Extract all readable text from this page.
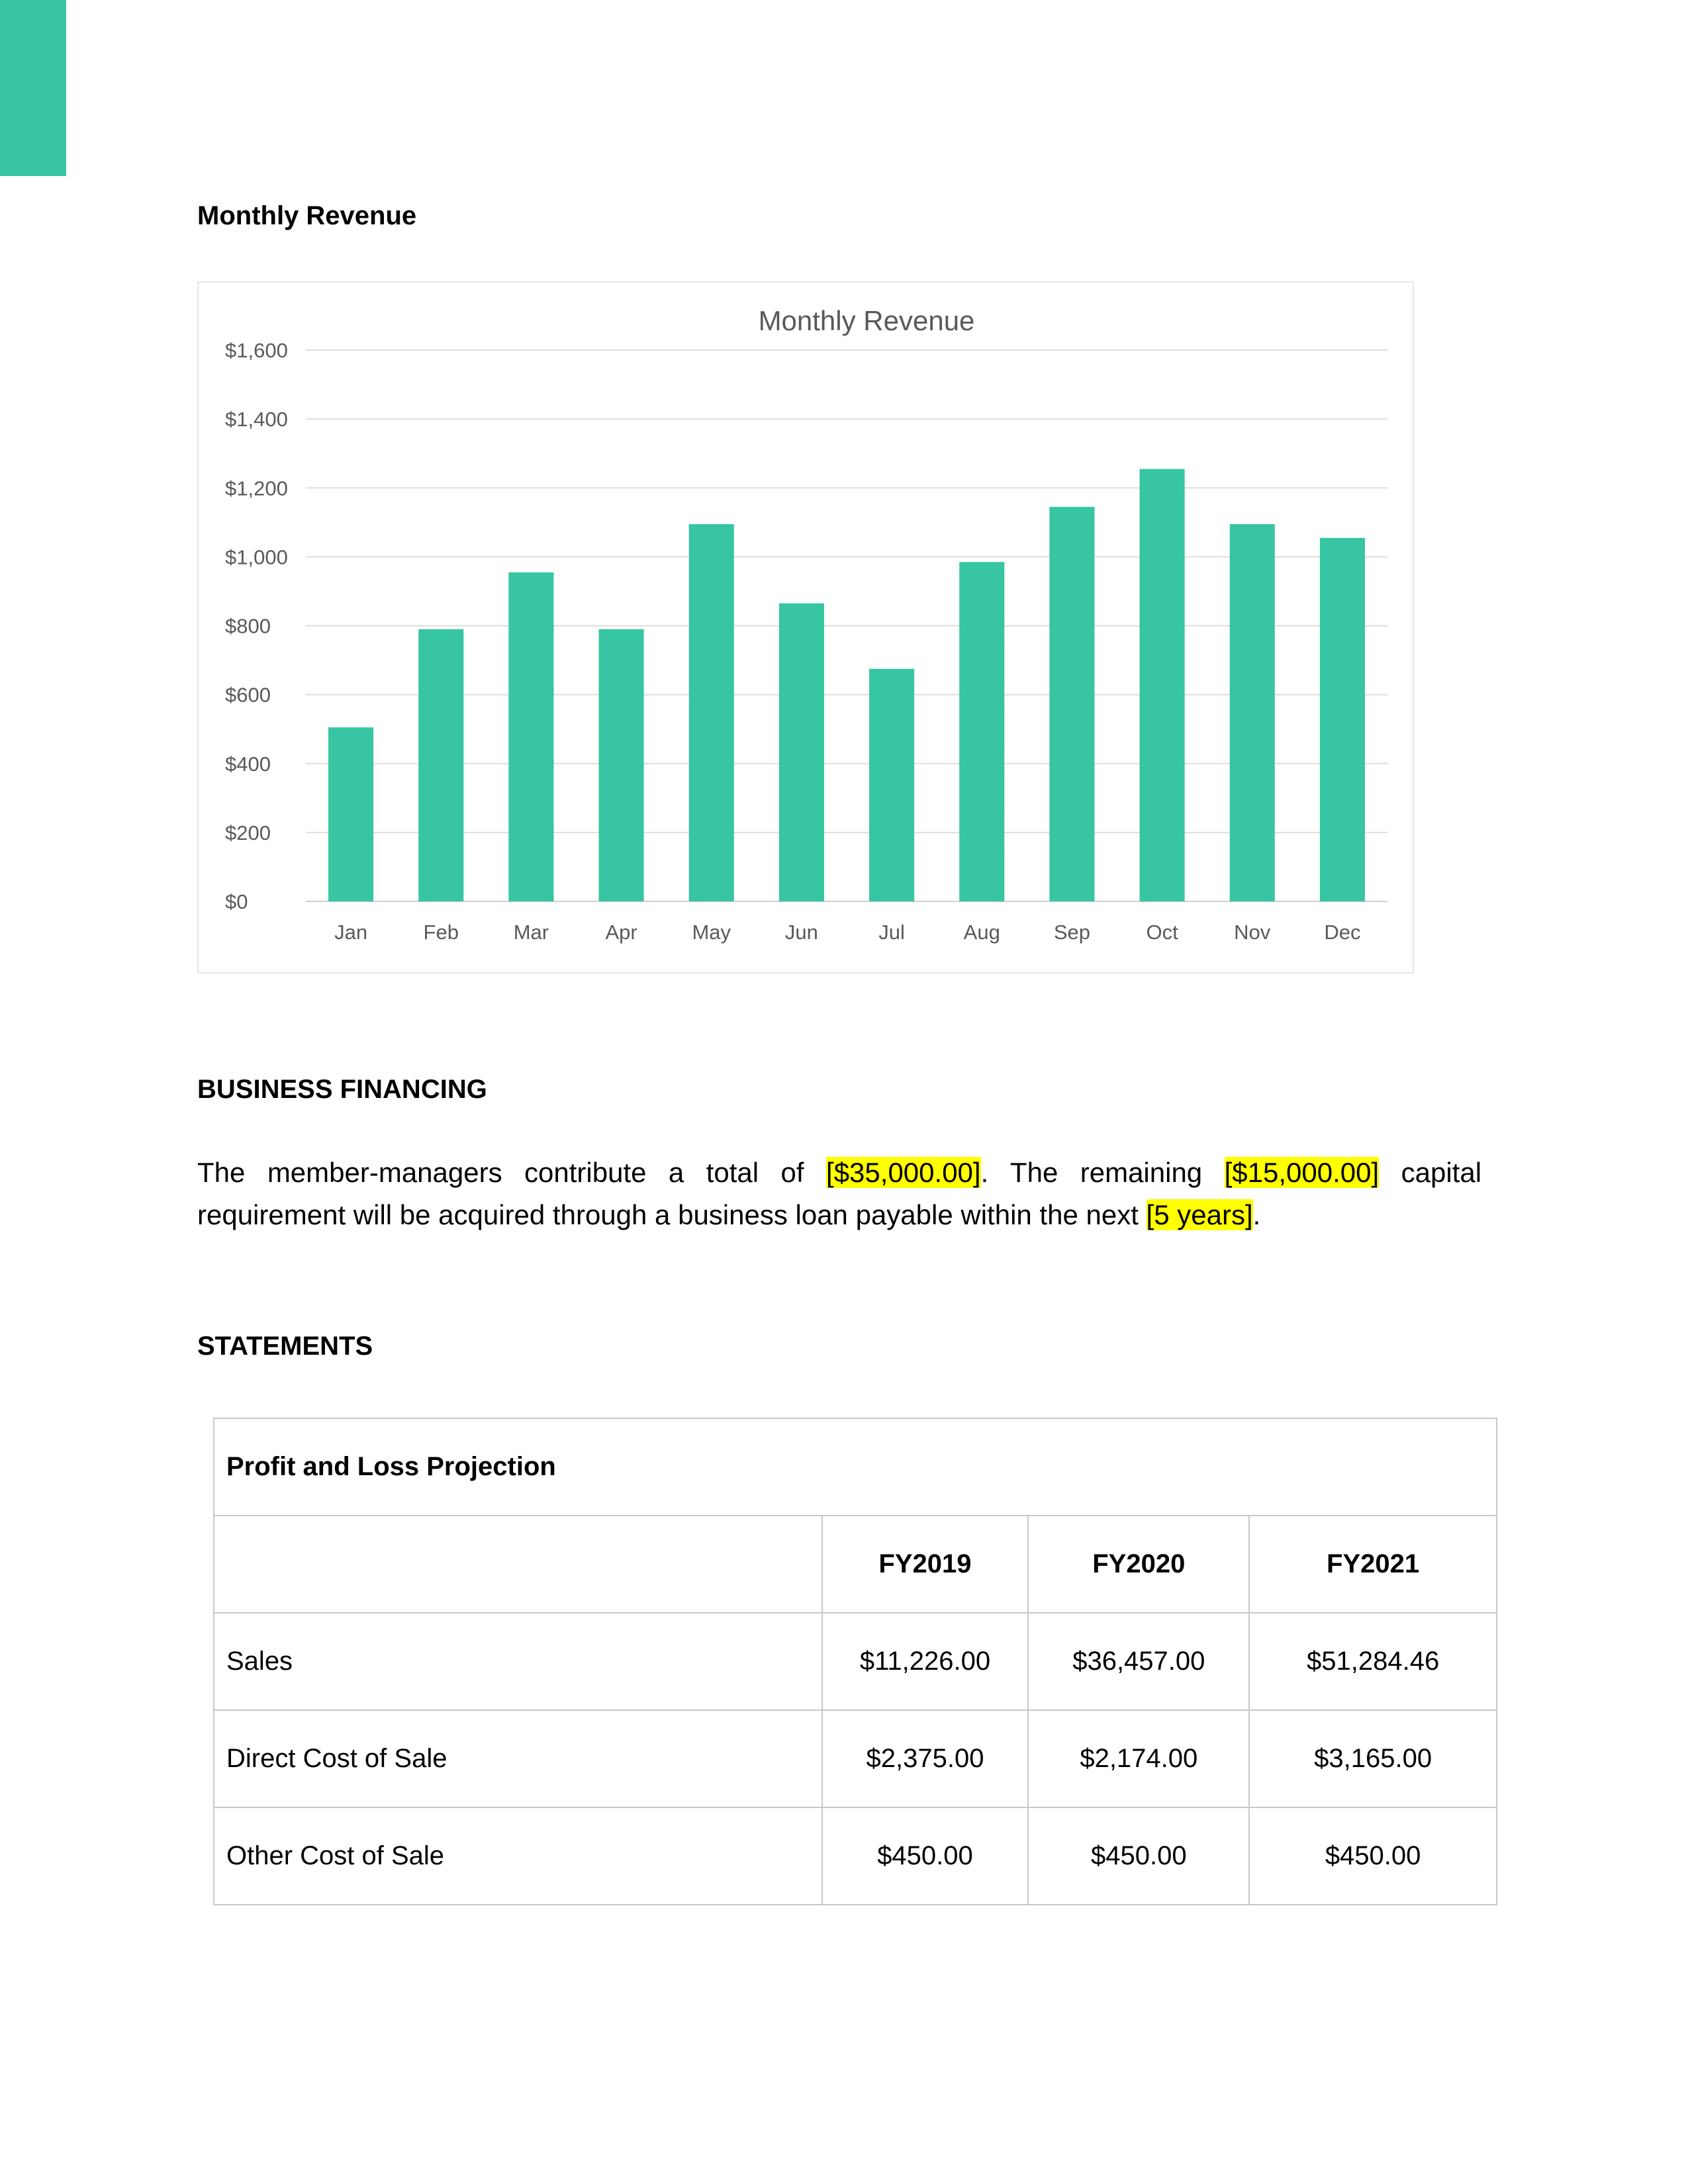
Monthly Revenue
Monthly Revenue
$0
$200
$400
$600
$800
$1,000
$1,200
$1,400
$1,600
Jan	Feb	Mar	Apr	May	Jun	Jul	Aug	Sep	Oct	Nov	Dec
BUSINESS FINANCING

The member-managers contribute a total of [$35,000.00]. The remaining [$15,000.00] capital requirement will be acquired through a business loan payable within the next [5 years].

STATEMENTS
Profit and Loss Projection			
	FY2019	FY2020	FY2021
Sales	$11,226.00	$36,457.00	$51,284.46
Direct Cost of Sale	$2,375.00	$2,174.00	$3,165.00
Other Cost of Sale	$450.00	$450.00	$450.00
